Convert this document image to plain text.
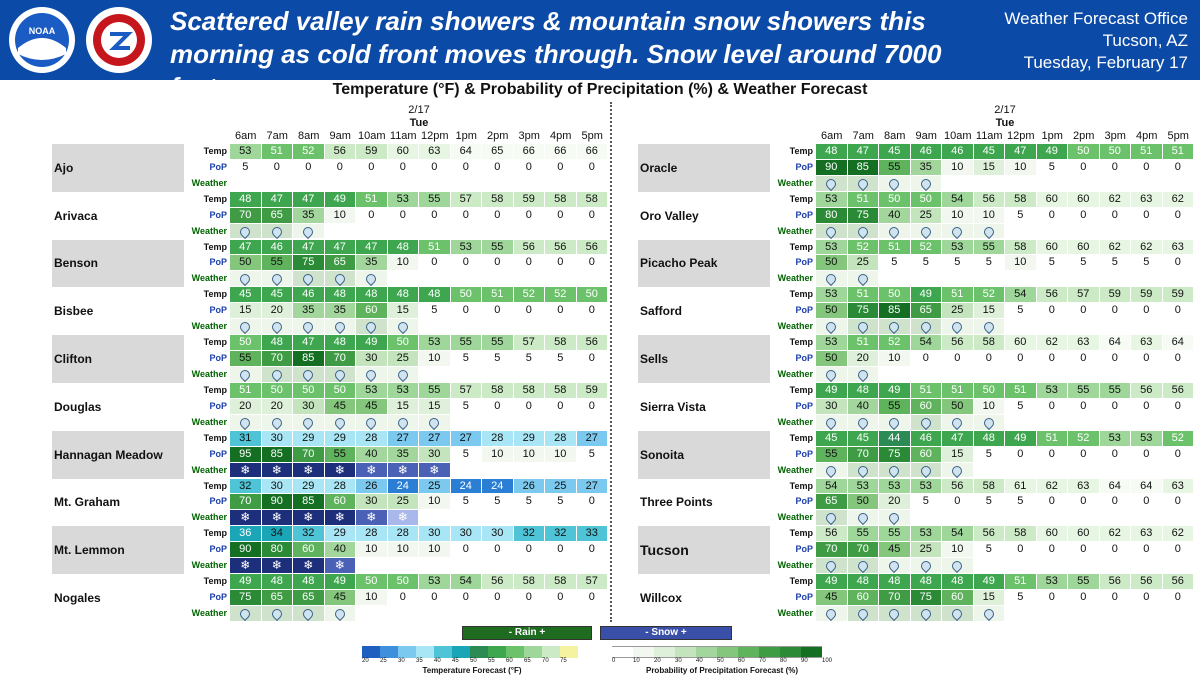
NOAA	Scattered valley rain showers & mountain snow showers this morning as cold front moves through. Snow level around 7000 feet.
Weather Forecast Office
Tucson, AZ
Tuesday, February 17
Temperature (°F) & Probability of Precipitation (%) & Weather Forecast
2/17
Tue
6am 7am 8am 9am 10am 11am 12pm 1pm 2pm 3pm 4pm 5pm
Ajo
Temp	53	51	52	56	59	60	63	64	65	66	66	66
PoP	5	0	0	0	0	0	0	0	0	0	0	0
Weather
Arivaca
Temp	48	47	47	49	51	53	55	57	58	59	58	58
PoP	70	65	35	10	0	0	0	0	0	0	0	0
Weather
Benson
Temp	47	46	47	47	47	48	51	53	55	56	56	56
PoP	50	55	75	65	35	10	0	0	0	0	0	0
Weather
Bisbee
Temp	45	45	46	48	48	48	48	50	51	52	52	50
PoP	15	20	35	35	60	15	5	0	0	0	0	0
Weather
Clifton
Temp	50	48	47	48	49	50	53	55	55	57	58	56
PoP	55	70	85	70	30	25	10	5	5	5	5	0
Weather
Douglas
Temp	51	50	50	50	53	53	55	57	58	58	58	59
PoP	20	20	30	45	45	15	15	5	0	0	0	0
Weather
Hannagan Meadow
Temp	31	30	29	29	28	27	27	27	28	29	28	27
PoP	95	85	70	55	40	35	30	5	10	10	10	5
Weather	❄	❄	❄	❄	❄	❄	❄
Mt. Graham
Temp	32	30	29	28	26	24	25	24	24	26	25	27
PoP	70	90	85	60	30	25	10	5	5	5	5	0
Weather	❄	❄	❄	❄	❄	❄
Mt. Lemmon
Temp	36	34	32	29	28	28	30	30	30	32	32	33
PoP	90	80	60	40	10	10	10	0	0	0	0	0
Weather	❄	❄	❄	❄
Nogales
Temp	49	48	48	49	50	50	53	54	56	58	58	57
PoP	75	65	65	45	10	0	0	0	0	0	0	0
Weather
2/17
Tue
6am 7am 8am 9am 10am 11am 12pm 1pm 2pm 3pm 4pm 5pm
Oracle
Temp	48	47	45	46	46	45	47	49	50	50	51	51
PoP	90	85	55	35	10	15	10	5	0	0	0	0
Weather
Oro Valley
Temp	53	51	50	50	54	56	58	60	60	62	63	62
PoP	80	75	40	25	10	10	5	0	0	0	0	0
Weather
Picacho Peak
Temp	53	52	51	52	53	55	58	60	60	62	62	63
PoP	50	25	5	5	5	5	10	5	5	5	5	0
Weather
Safford
Temp	53	51	50	49	51	52	54	56	57	59	59	59
PoP	50	75	85	65	25	15	5	0	0	0	0	0
Weather
Sells
Temp	53	51	52	54	56	58	60	62	63	64	63	64
PoP	50	20	10	0	0	0	0	0	0	0	0	0
Weather
Sierra Vista
Temp	49	48	49	51	51	50	51	53	55	55	56	56
PoP	30	40	55	60	50	10	5	0	0	0	0	0
Weather
Sonoita
Temp	45	45	44	46	47	48	49	51	52	53	53	52
PoP	55	70	75	60	15	5	0	0	0	0	0	0
Weather
Three Points
Temp	54	53	53	53	56	58	61	62	63	64	64	63
PoP	65	50	20	5	0	5	5	0	0	0	0	0
Weather
Tucson
Temp	56	55	55	53	54	56	58	60	60	62	63	62
PoP	70	70	45	25	10	5	0	0	0	0	0	0
Weather
Willcox
Temp	49	48	48	48	48	49	51	53	55	56	56	56
PoP	45	60	70	75	60	15	5	0	0	0	0	0
Weather
- Rain +	- Snow +
20	25	30	35	40	45	50	55	60	65	70	75
Temperature Forecast (°F)
0	10	20	30	40	50	60	70	80	90	100
Probability of Precipitation Forecast (%)
